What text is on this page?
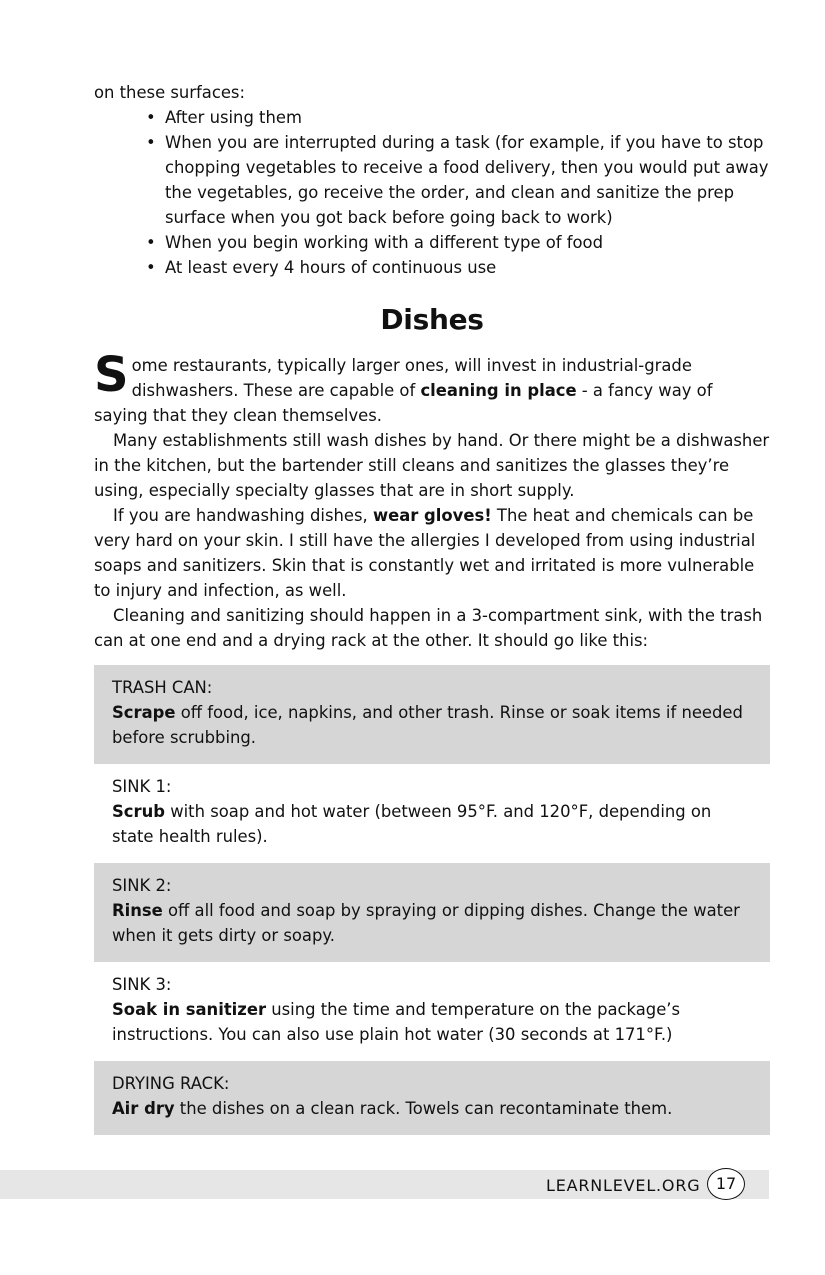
on these surfaces:

• After using them
• When you are interrupted during a task (for example, if you have to stop chopping vegetables to receive a food delivery, then you would put away the vegetables, go receive the order, and clean and sanitize the prep surface when you got back before going back to work)
• When you begin working with a different type of food
• At least every 4 hours of continuous use
Dishes

Some restaurants, typically larger ones, will invest in industrial-grade dishwashers. These are capable of cleaning in place - a fancy way of saying that they clean themselves.

Many establishments still wash dishes by hand. Or there might be a dishwasher in the kitchen, but the bartender still cleans and sanitizes the glasses they’re using, especially specialty glasses that are in short supply.

If you are handwashing dishes, wear gloves! The heat and chemicals can be very hard on your skin. I still have the allergies I developed from using industrial soaps and sanitizers. Skin that is constantly wet and irritated is more vulnerable to injury and infection, as well.

Cleaning and sanitizing should happen in a 3-compartment sink, with the trash can at one end and a drying rack at the other. It should go like this:

TRASH CAN:
Scrape off food, ice, napkins, and other trash. Rinse or soak items if needed before scrubbing.
SINK 1:
Scrub with soap and hot water (between 95°F. and 120°F, depending on state health rules).
SINK 2:
Rinse off all food and soap by spraying or dipping dishes. Change the water when it gets dirty or soapy.
SINK 3:
Soak in sanitizer using the time and temperature on the package’s instructions. You can also use plain hot water (30 seconds at 171°F.)
DRYING RACK:
Air dry the dishes on a clean rack. Towels can recontaminate them.
LEARNLEVEL.ORG 17
